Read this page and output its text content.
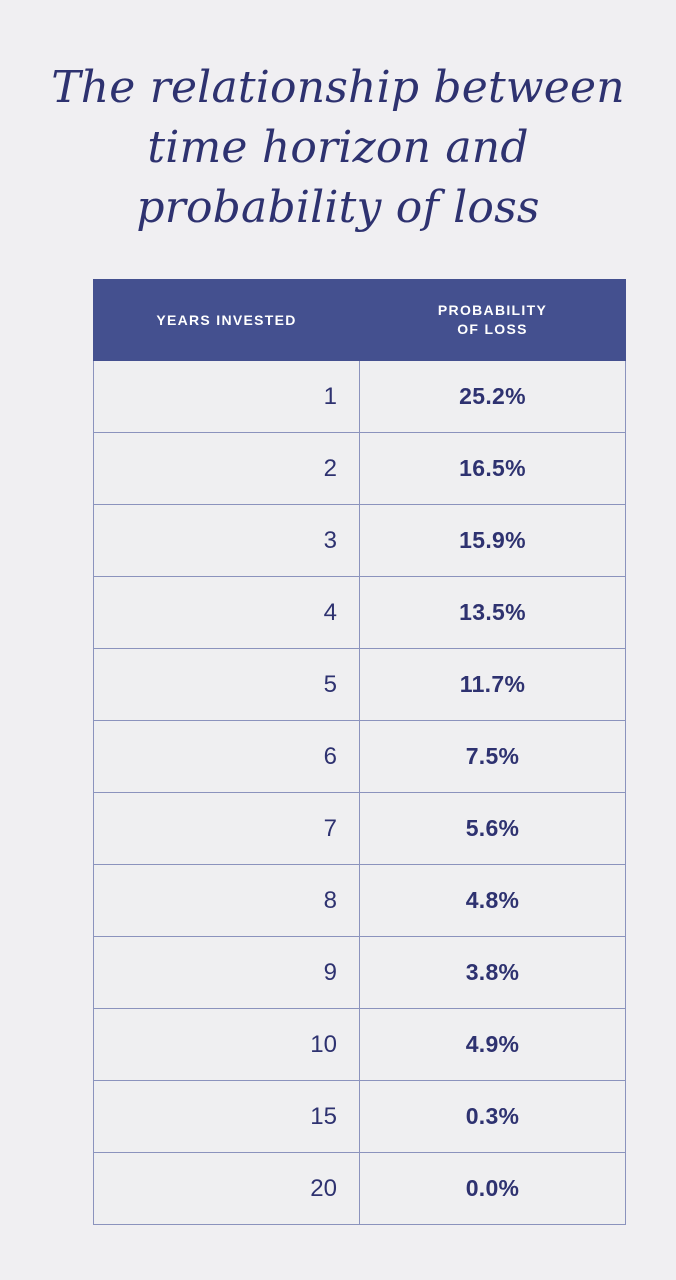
The relationship between time horizon and probability of loss
YEARS INVESTED	PROBABILITY
OF LOSS
1	25.2%
2	16.5%
3	15.9%
4	13.5%
5	11.7%
6	7.5%
7	5.6%
8	4.8%
9	3.8%
10	4.9%
15	0.3%
20	0.0%
